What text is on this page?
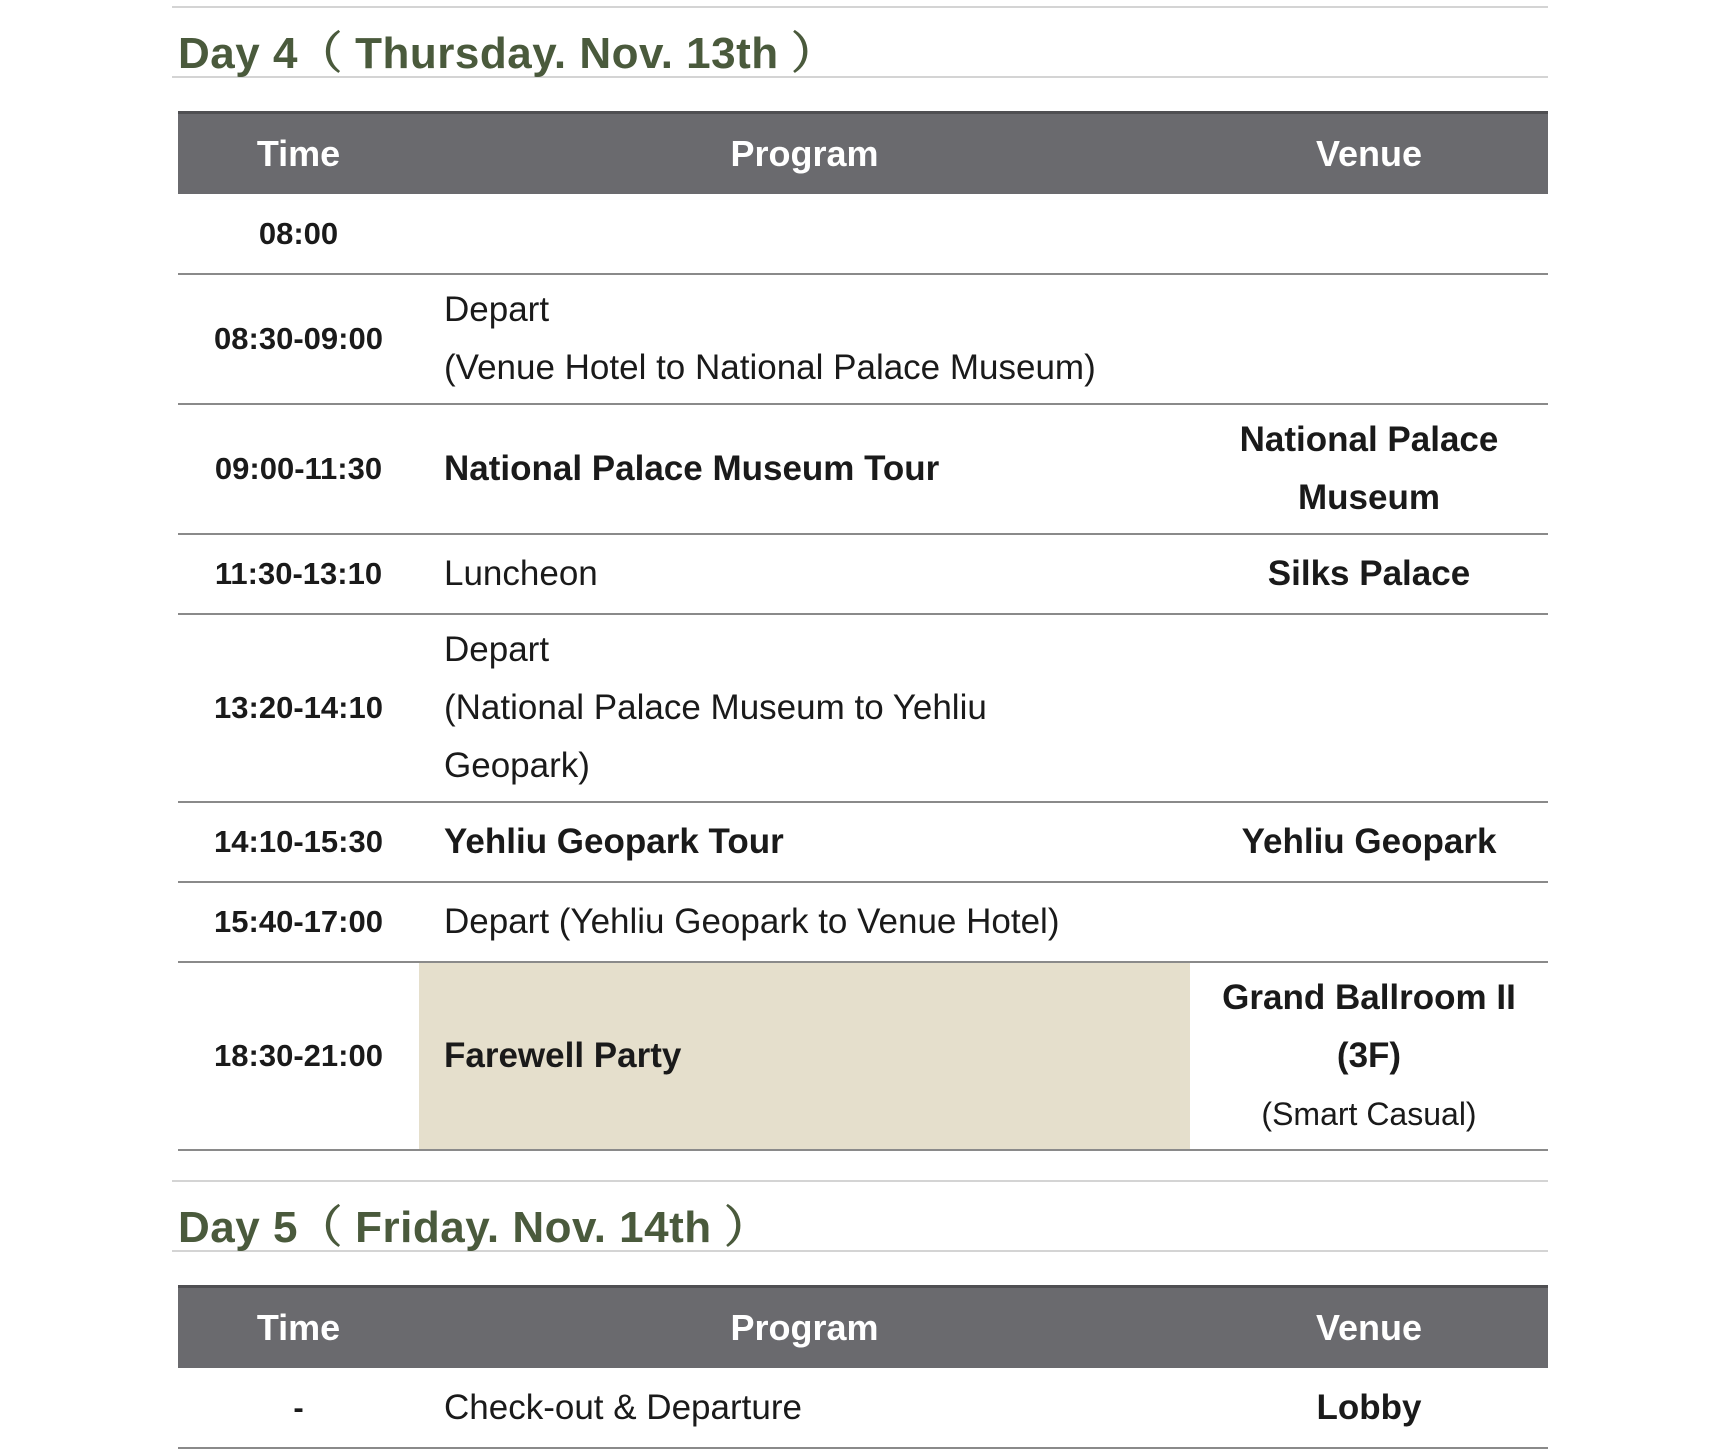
Day 4（ Thursday. Nov. 13th ）
Time	Program	Venue
08:00		
08:30-09:00	Depart
(Venue Hotel to National Palace Museum)	

09:00-11:30	National Palace Museum Tour	National Palace
Museum

11:30-13:10	Luncheon	Silks Palace
13:20-14:10	Depart
(National Palace Museum to Yehliu
Geopark)	

14:10-15:30	Yehliu Geopark Tour	Yehliu Geopark
15:40-17:00	Depart (Yehliu Geopark to Venue Hotel)	
18:30-21:00	Farewell Party	Grand Ballroom II
(3F)
(Smart Casual)
Day 5（ Friday. Nov. 14th ）
Time	Program	Venue
-	Check-out & Departure	Lobby
